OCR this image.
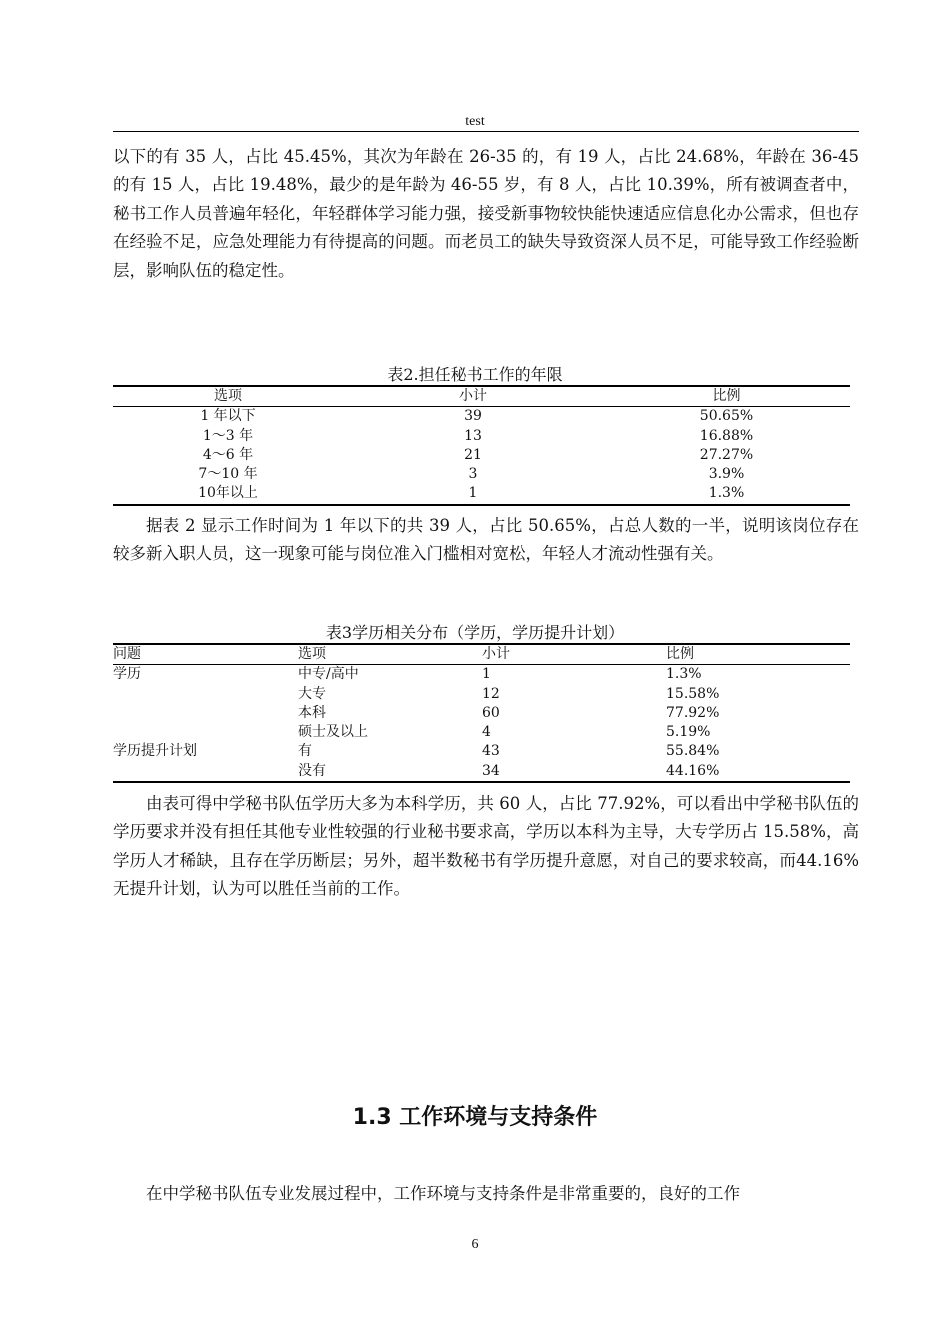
test

以下的有 35 人，占比 45.45%，其次为年龄在 26-35 的，有 19 人，占比 24.68%，年龄在 36-45 的有 15 人，占比 19.48%，最少的是年龄为 46-55 岁，有 8 人，占比 10.39%，所有被调查者中，秘书工作人员普遍年轻化，年轻群体学习能力强，接受新事物较快能快速适应信息化办公需求，但也存在经验不足，应急处理能力有待提高的问题。而老员工的缺失导致资深人员不足，可能导致工作经验断层，影响队伍的稳定性。

表2.担任秘书工作的年限
选项	小计	比例
1 年以下	39	50.65%
1～3 年	13	16.88%
4～6 年	21	27.27%
7～10 年	3	3.9%
10年以上	1	1.3%

据表 2 显示工作时间为 1 年以下的共 39 人，占比 50.65%，占总人数的一半，说明该岗位存在较多新入职人员，这一现象可能与岗位准入门槛相对宽松，年轻人才流动性强有关。

表3学历相关分布（学历，学历提升计划）
问题	选项	小计	比例
学历	中专/高中	1	1.3%
	大专	12	15.58%
	本科	60	77.92%
	硕士及以上	4	5.19%
学历提升计划	有	43	55.84%
	没有	34	44.16%

由表可得中学秘书队伍学历大多为本科学历，共 60 人，占比 77.92%，可以看出中学秘书队伍的学历要求并没有担任其他专业性较强的行业秘书要求高，学历以本科为主导，大专学历占 15.58%，高学历人才稀缺，且存在学历断层；另外，超半数秘书有学历提升意愿，对自己的要求较高，而44.16%无提升计划，认为可以胜任当前的工作。

1.3 工作环境与支持条件

在中学秘书队伍专业发展过程中，工作环境与支持条件是非常重要的，良好的工作

6
